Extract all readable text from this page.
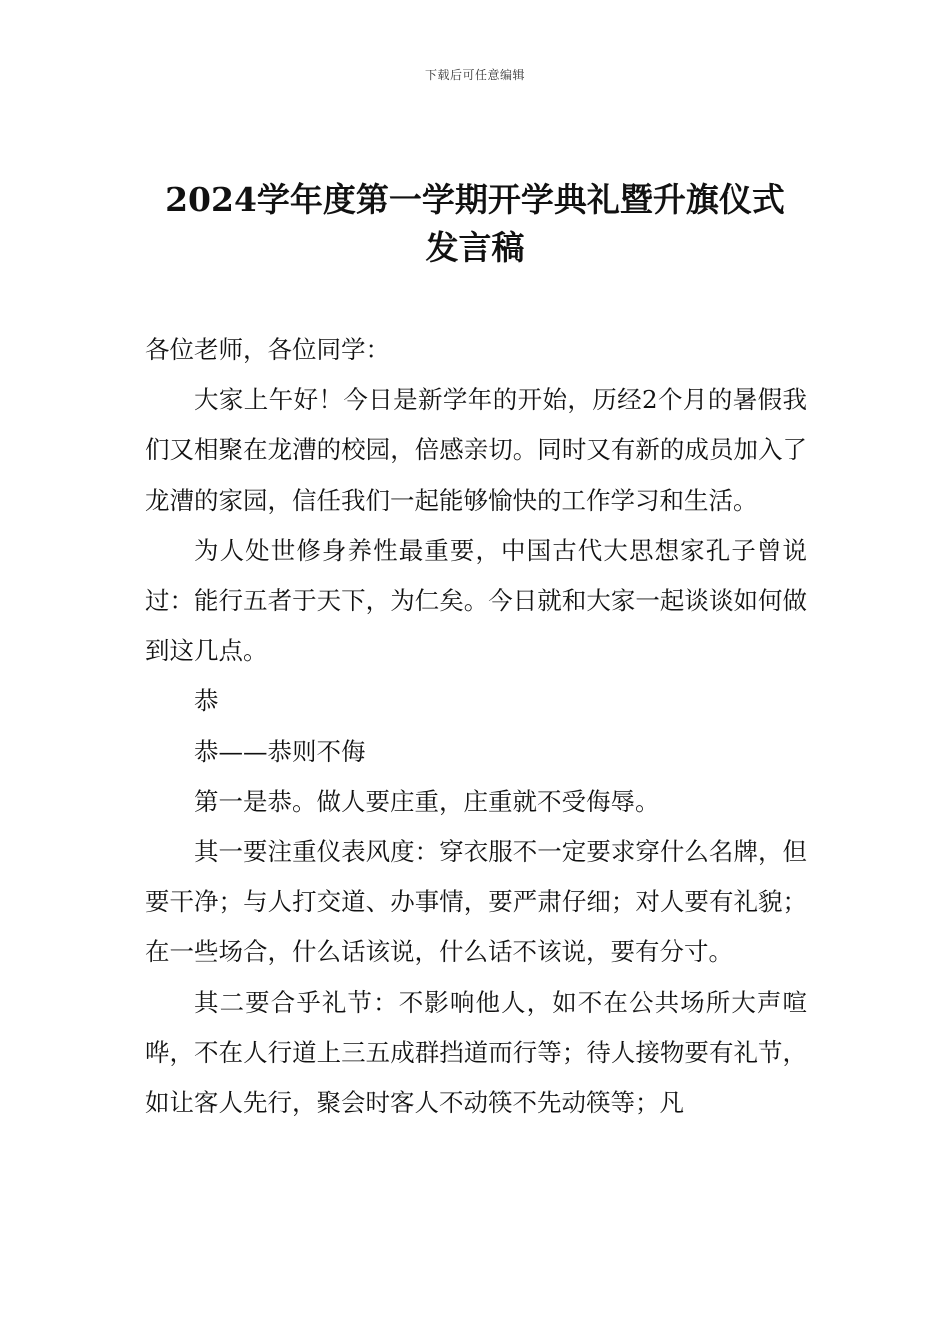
下载后可任意编辑
2024学年度第一学期开学典礼暨升旗仪式
发言稿

各位老师，各位同学：

大家上午好！今日是新学年的开始，历经2个月的暑假我们又相聚在龙漕的校园，倍感亲切。同时又有新的成员加入了龙漕的家园，信任我们一起能够愉快的工作学习和生活。

为人处世修身养性最重要，中国古代大思想家孔子曾说过：能行五者于天下，为仁矣。今日就和大家一起谈谈如何做到这几点。

恭

恭——恭则不侮

第一是恭。做人要庄重，庄重就不受侮辱。

其一要注重仪表风度：穿衣服不一定要求穿什么名牌，但要干净；与人打交道、办事情，要严肃仔细；对人要有礼貌；在一些场合，什么话该说，什么话不该说，要有分寸。

其二要合乎礼节：不影响他人，如不在公共场所大声喧哗，不在人行道上三五成群挡道而行等；待人接物要有礼节，如让客人先行，聚会时客人不动筷不先动筷等；凡
